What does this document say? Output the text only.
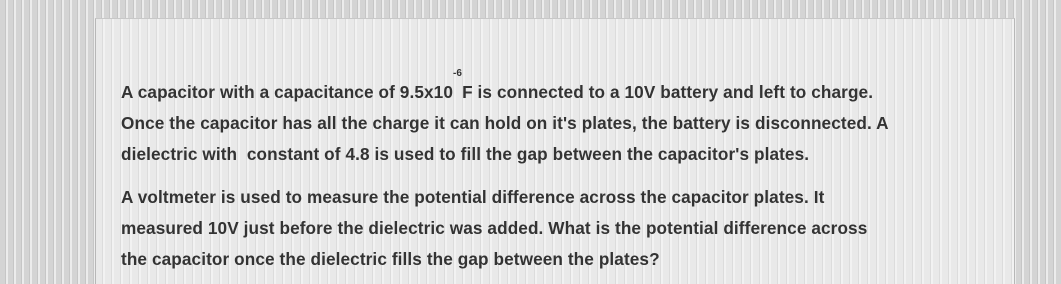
A capacitor with a capacitance of $9.5x10^{-6}F$ is connected to a 10V battery and left to charge.
Once the capacitor has all the charge it can hold on it's plates, the battery is disconnected. A
dielectric with  constant of 4.8 is used to fill the gap between the capacitor's plates.

A voltmeter is used to measure the potential difference across the capacitor plates. It
measured 10V just before the dielectric was added. What is the potential difference across
the capacitor once the dielectric fills the gap between the plates?
